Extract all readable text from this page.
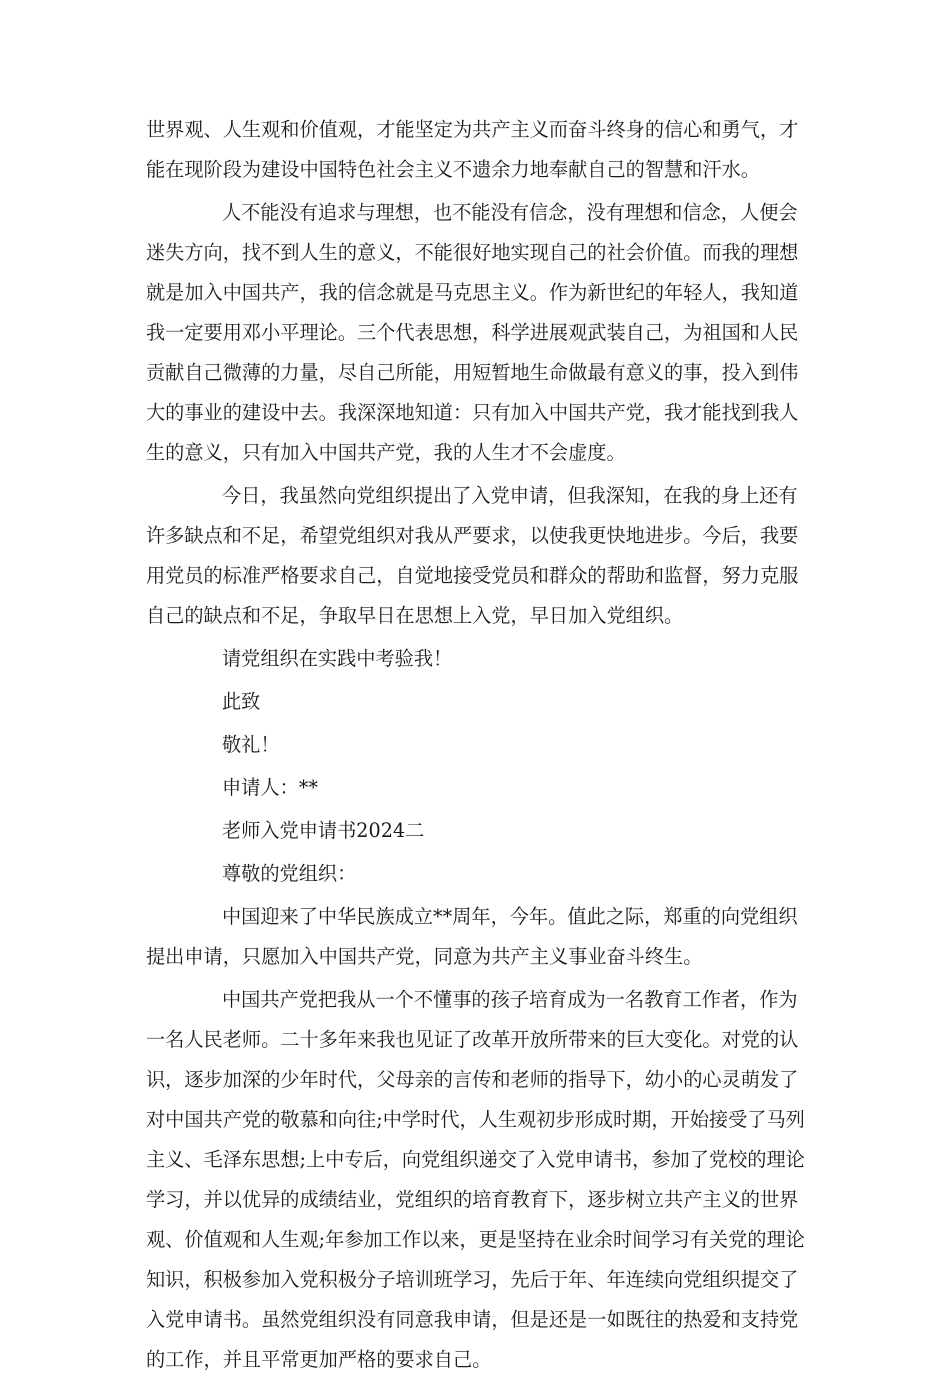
世界观、人生观和价值观，才能坚定为共产主义而奋斗终身的信心和勇气，才
能在现阶段为建设中国特色社会主义不遗余力地奉献自己的智慧和汗水。
人不能没有追求与理想，也不能没有信念，没有理想和信念，人便会
迷失方向，找不到人生的意义，不能很好地实现自己的社会价值。而我的理想
就是加入中国共产，我的信念就是马克思主义。作为新世纪的年轻人，我知道
我一定要用邓小平理论。三个代表思想，科学进展观武装自己，为祖国和人民
贡献自己微薄的力量，尽自己所能，用短暂地生命做最有意义的事，投入到伟
大的事业的建设中去。我深深地知道：只有加入中国共产党，我才能找到我人
生的意义，只有加入中国共产党，我的人生才不会虚度。
今日，我虽然向党组织提出了入党申请，但我深知，在我的身上还有
许多缺点和不足，希望党组织对我从严要求，以使我更快地进步。今后，我要
用党员的标准严格要求自己，自觉地接受党员和群众的帮助和监督，努力克服
自己的缺点和不足，争取早日在思想上入党，早日加入党组织。
请党组织在实践中考验我！
此致
敬礼！
申请人：**
老师入党申请书2024二
尊敬的党组织：
中国迎来了中华民族成立**周年，今年。值此之际，郑重的向党组织
提出申请，只愿加入中国共产党，同意为共产主义事业奋斗终生。
中国共产党把我从一个不懂事的孩子培育成为一名教育工作者，作为
一名人民老师。二十多年来我也见证了改革开放所带来的巨大变化。对党的认
识，逐步加深的少年时代，父母亲的言传和老师的指导下，幼小的心灵萌发了
对中国共产党的敬慕和向往;中学时代，人生观初步形成时期，开始接受了马列
主义、毛泽东思想;上中专后，向党组织递交了入党申请书，参加了党校的理论
学习，并以优异的成绩结业，党组织的培育教育下，逐步树立共产主义的世界
观、价值观和人生观;年参加工作以来，更是坚持在业余时间学习有关党的理论
知识，积极参加入党积极分子培训班学习，先后于年、年连续向党组织提交了
入党申请书。虽然党组织没有同意我申请，但是还是一如既往的热爱和支持党
的工作，并且平常更加严格的要求自己。
